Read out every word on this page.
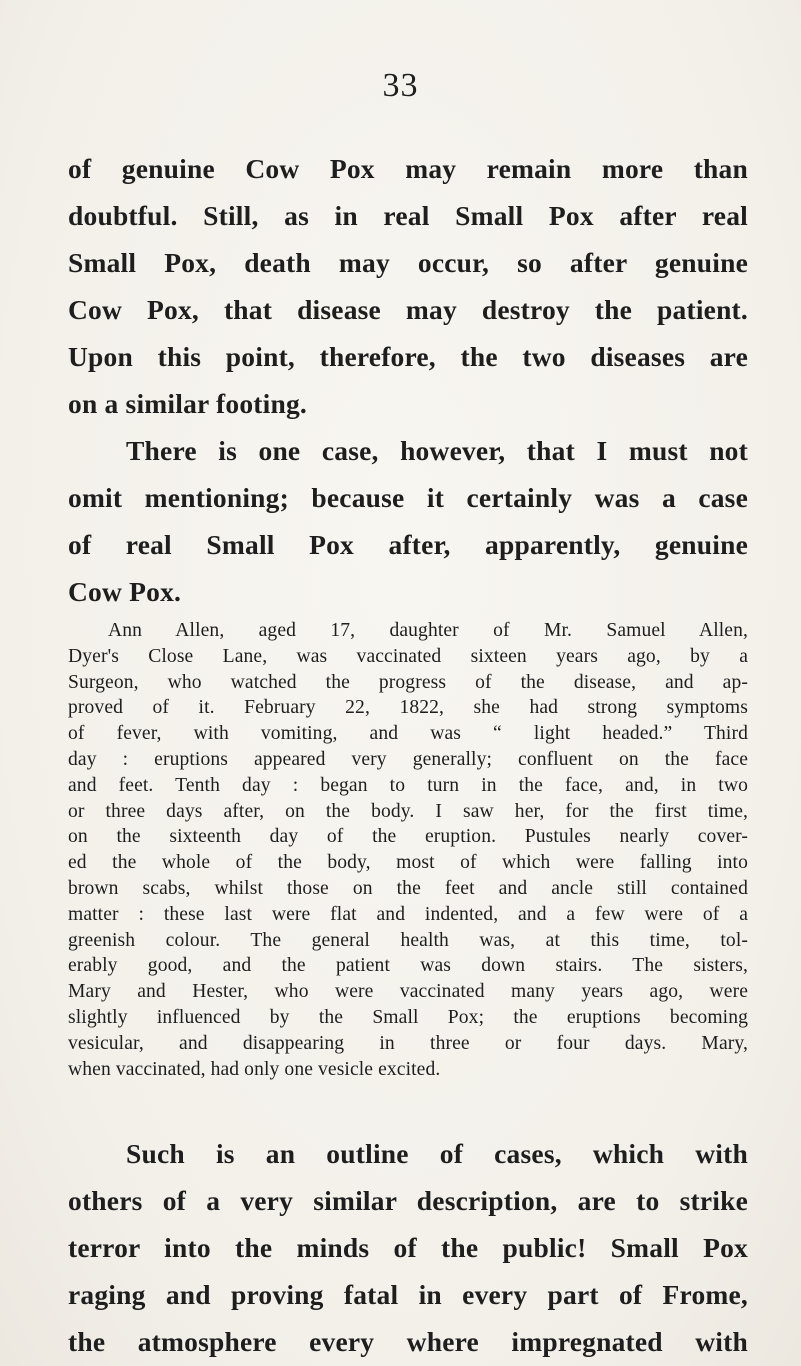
33
of genuine Cow Pox may remain more than
doubtful. Still, as in real Small Pox after real
Small Pox, death may occur, so after genuine
Cow Pox, that disease may destroy the patient.
Upon this point, therefore, the two diseases are
on a similar footing.
There is one case, however, that I must not
omit mentioning; because it certainly was a case
of real Small Pox after, apparently, genuine
Cow Pox.
Ann Allen, aged 17, daughter of Mr. Samuel Allen,
Dyer's Close Lane, was vaccinated sixteen years ago, by a
Surgeon, who watched the progress of the disease, and ap-
proved of it. February 22, 1822, she had strong symptoms
of fever, with vomiting, and was “ light headed.” Third
day : eruptions appeared very generally; confluent on the face
and feet. Tenth day : began to turn in the face, and, in two
or three days after, on the body. I saw her, for the first time,
on the sixteenth day of the eruption. Pustules nearly cover-
ed the whole of the body, most of which were falling into
brown scabs, whilst those on the feet and ancle still contained
matter : these last were flat and indented, and a few were of a
greenish colour. The general health was, at this time, tol-
erably good, and the patient was down stairs. The sisters,
Mary and Hester, who were vaccinated many years ago, were
slightly influenced by the Small Pox; the eruptions becoming
vesicular, and disappearing in three or four days. Mary,
when vaccinated, had only one vesicle excited.
Such is an outline of cases, which with
others of a very similar description, are to strike
terror into the minds of the public! Small Pox
raging and proving fatal in every part of Frome,
the atmosphere every where impregnated with
